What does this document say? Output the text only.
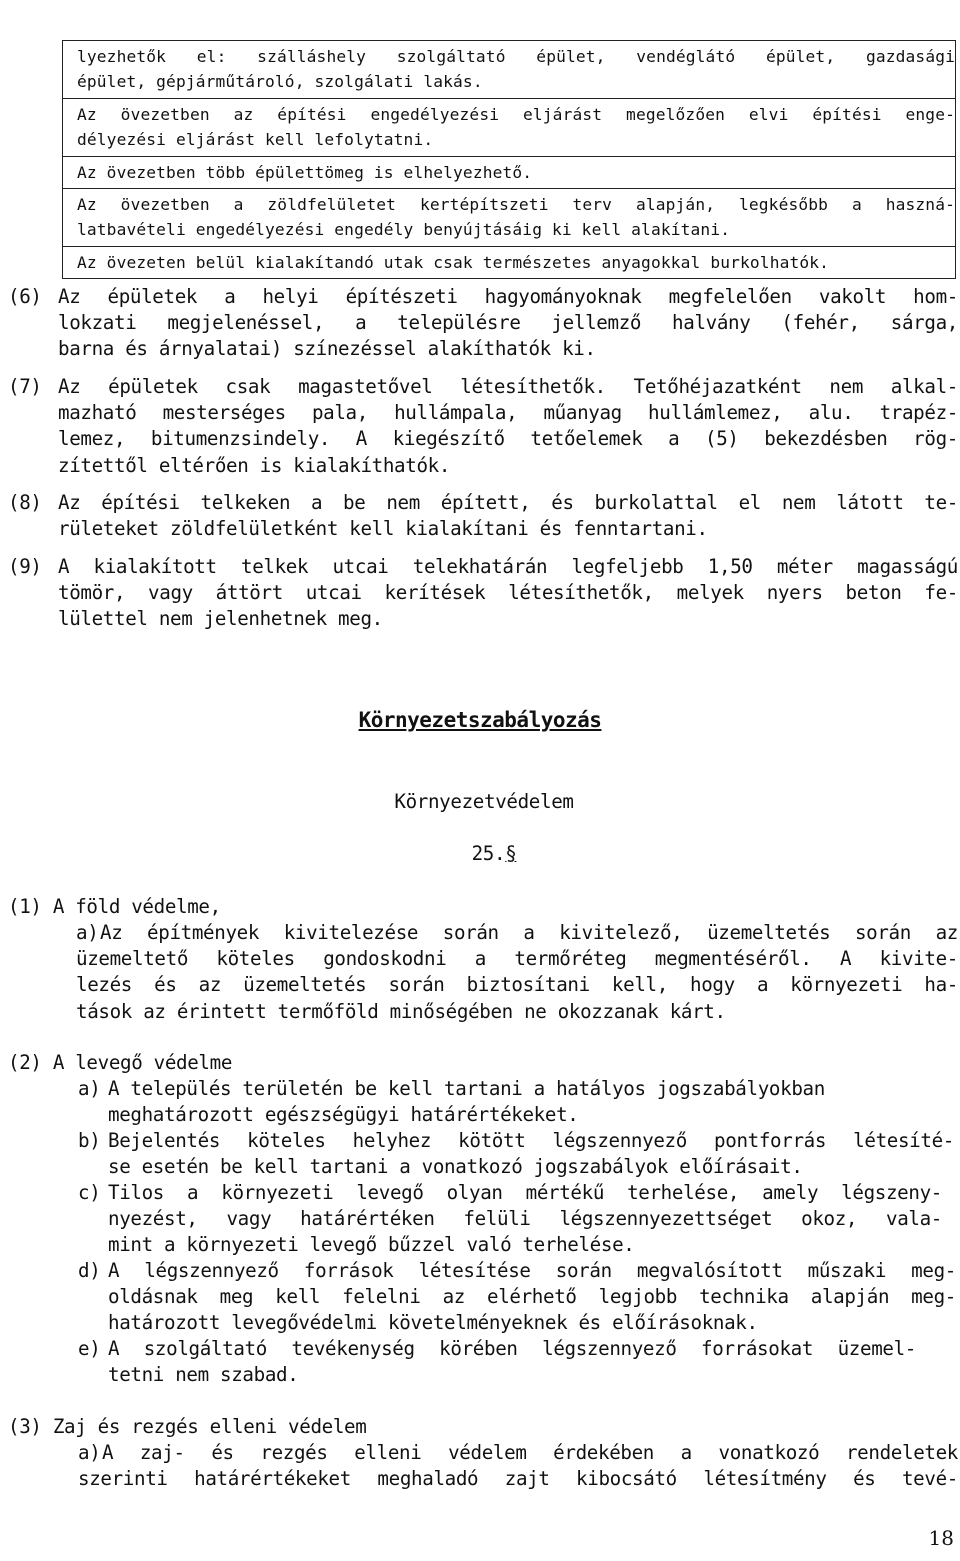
lyezhetők el: szálláshely szolgáltató épület, vendéglátó épület, gazdasági
épület, gépjárműtároló, szolgálati lakás.
Az övezetben az építési engedélyezési eljárást megelőzően elvi építési enge-
délyezési eljárást kell lefolytatni.
Az övezetben több épülettömeg is elhelyezhető.
Az övezetben a zöldfelületet kertépítszeti terv alapján, legkésőbb a haszná-
latbavételi engedélyezési engedély benyújtásáig ki kell alakítani.
Az övezeten belül kialakítandó utak csak természetes anyagokkal burkolhatók.
(6) Az épületek a helyi építészeti hagyományoknak megfelelően vakolt hom-
lokzati megjelenéssel, a településre jellemző halvány (fehér, sárga,
barna és árnyalatai) színezéssel alakíthatók ki.
(7) Az épületek csak magastetővel létesíthetők. Tetőhéjazatként nem alkal-
mazható mesterséges pala, hullámpala, műanyag hullámlemez, alu. trapéz-
lemez, bitumenzsindely. A kiegészítő tetőelemek a (5) bekezdésben rög-
zítettől eltérően is kialakíthatók.
(8) Az építési telkeken a be nem épített, és burkolattal el nem látott te-
rületeket zöldfelületként kell kialakítani és fenntartani.
(9) A kialakított telkek utcai telekhatárán legfeljebb 1,50 méter magasságú
tömör, vagy áttört utcai kerítések létesíthetők, melyek nyers beton fe-
lülettel nem jelenhetnek meg.
Környezetszabályozás
Környezetvédelem
25.§
(1) A föld védelme,
a) Az építmények kivitelezése során a kivitelező, üzemeltetés során az
üzemeltető köteles gondoskodni a termőréteg megmentéséről. A kivite-
lezés és az üzemeltetés során biztosítani kell, hogy a környezeti ha-
tások az érintett termőföld minőségében ne okozzanak kárt.
(2) A levegő védelme
a) A település területén be kell tartani a hatályos jogszabályokban
meghatározott egészségügyi határértékeket.
b) Bejelentés köteles helyhez kötött légszennyező pontforrás létesíté-
se esetén be kell tartani a vonatkozó jogszabályok előírásait.
c) Tilos a környezeti levegő olyan mértékű terhelése, amely légszeny-
nyezést, vagy határértéken felüli légszennyezettséget okoz, vala-
mint a környezeti levegő bűzzel való terhelése.
d) A légszennyező források létesítése során megvalósított műszaki meg-
oldásnak meg kell felelni az elérhető legjobb technika alapján meg-
határozott levegővédelmi követelményeknek és előírásoknak.
e) A szolgáltató tevékenység körében légszennyező forrásokat üzemel-
tetni nem szabad.
(3) Zaj és rezgés elleni védelem
a) A zaj- és rezgés elleni védelem érdekében a vonatkozó rendeletek
szerinti határértékeket meghaladó zajt kibocsátó létesítmény és tevé-
18
